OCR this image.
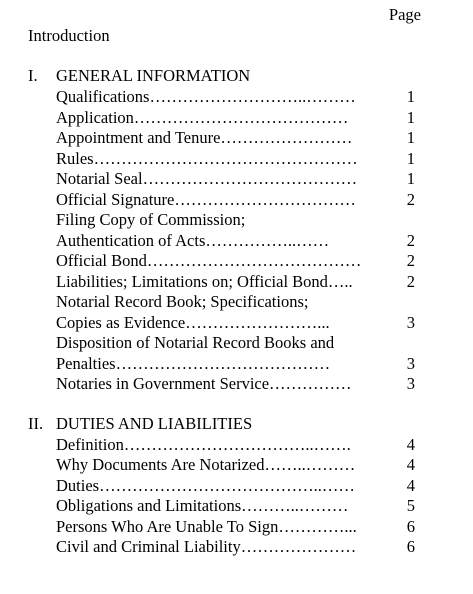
Page
Introduction
I. GENERAL INFORMATION
Qualifications………………………..………	1
Application…………………………………	1
Appointment and Tenure……………………	1
Rules…………………………………………	1
Notarial Seal…………………………………	1
Official Signature……………………………	2
Filing Copy of Commission;
Authentication of Acts……………..……	2
Official Bond…………………………………	2
Liabilities; Limitations on; Official Bond…..	2
Notarial Record Book; Specifications;
Copies as Evidence……………………...	3
Disposition of Notarial Record Books and
Penalties…………………………………	3
Notaries in Government Service……………	3
II. DUTIES AND LIABILITIES
Definition……………………………..…….	4
Why Documents Are Notarized……..………	4
Duties…………………………………..……	4
Obligations and Limitations………..………	5
Persons Who Are Unable To Sign…………...	6
Civil and Criminal Liability…………………	6
